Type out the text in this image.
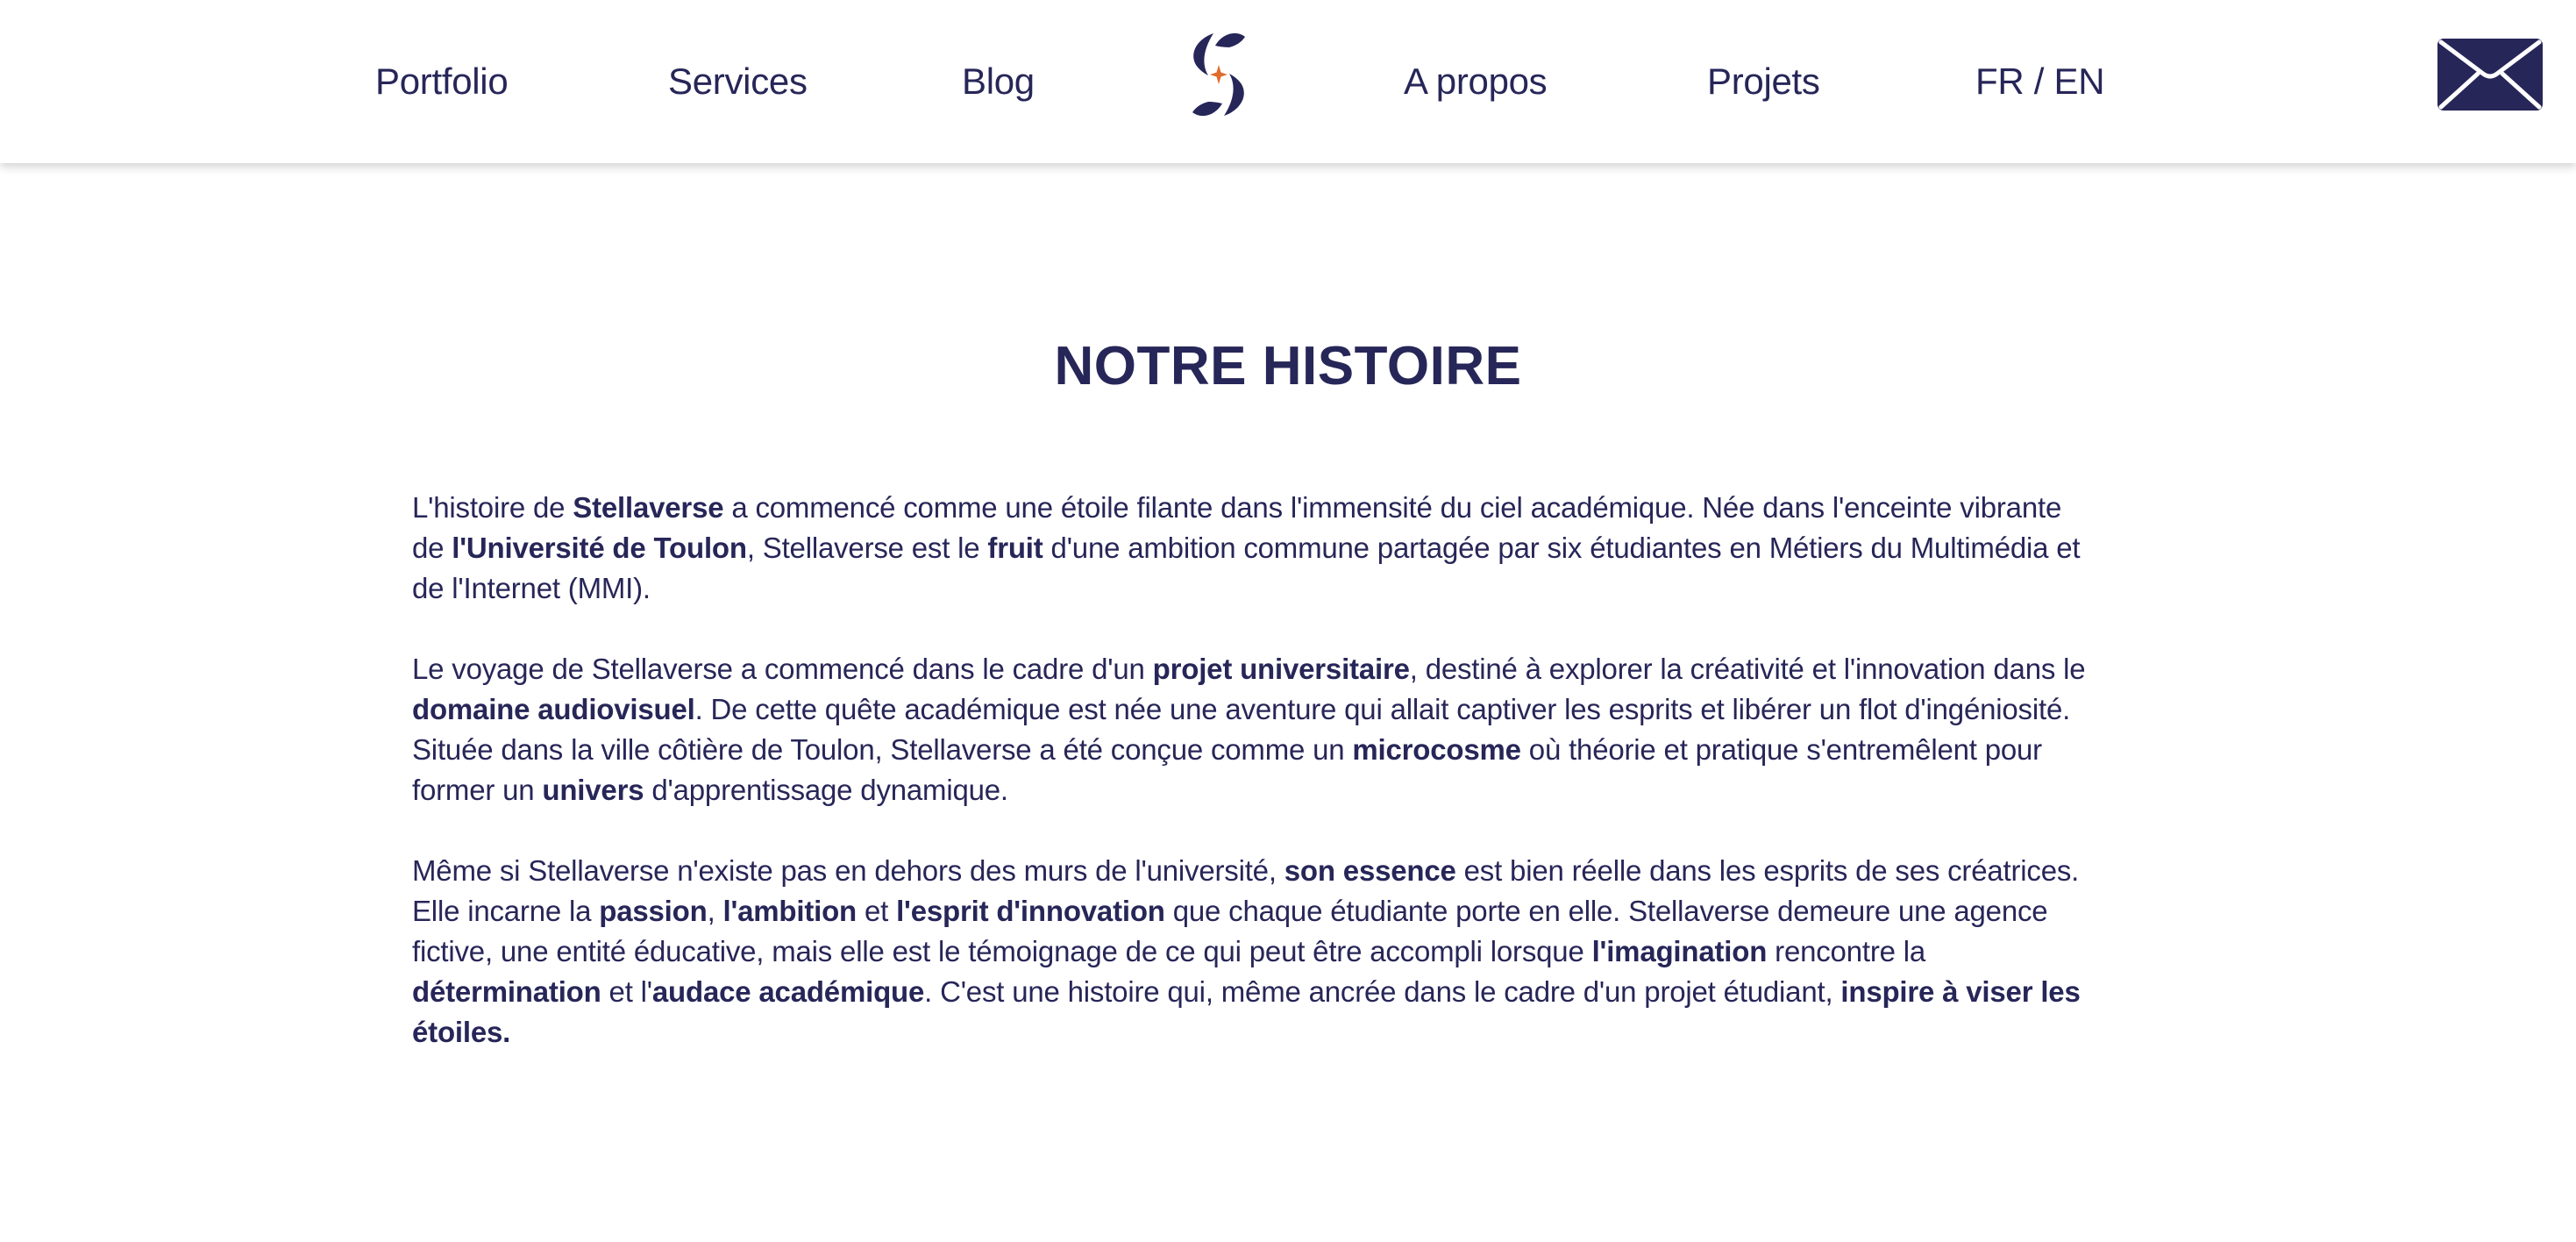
Portfolio	Services	Blog	A propos	Projets	FR / EN
NOTRE HISTOIRE

L'histoire de Stellaverse a commencé comme une étoile filante dans l'immensité du ciel académique. Née dans l'enceinte vibrante de l'Université de Toulon, Stellaverse est le fruit d'une ambition commune partagée par six étudiantes en Métiers du Multimédia et de l'Internet (MMI).

Le voyage de Stellaverse a commencé dans le cadre d'un projet universitaire, destiné à explorer la créativité et l'innovation dans le domaine audiovisuel. De cette quête académique est née une aventure qui allait captiver les esprits et libérer un flot d'ingéniosité. Située dans la ville côtière de Toulon, Stellaverse a été conçue comme un microcosme où théorie et pratique s'entremêlent pour former un univers d'apprentissage dynamique.

Même si Stellaverse n'existe pas en dehors des murs de l'université, son essence est bien réelle dans les esprits de ses créatrices. Elle incarne la passion, l'ambition et l'esprit d'innovation que chaque étudiante porte en elle. Stellaverse demeure une agence fictive, une entité éducative, mais elle est le témoignage de ce qui peut être accompli lorsque l'imagination rencontre la détermination et l'audace académique. C'est une histoire qui, même ancrée dans le cadre d'un projet étudiant, inspire à viser les étoiles.
